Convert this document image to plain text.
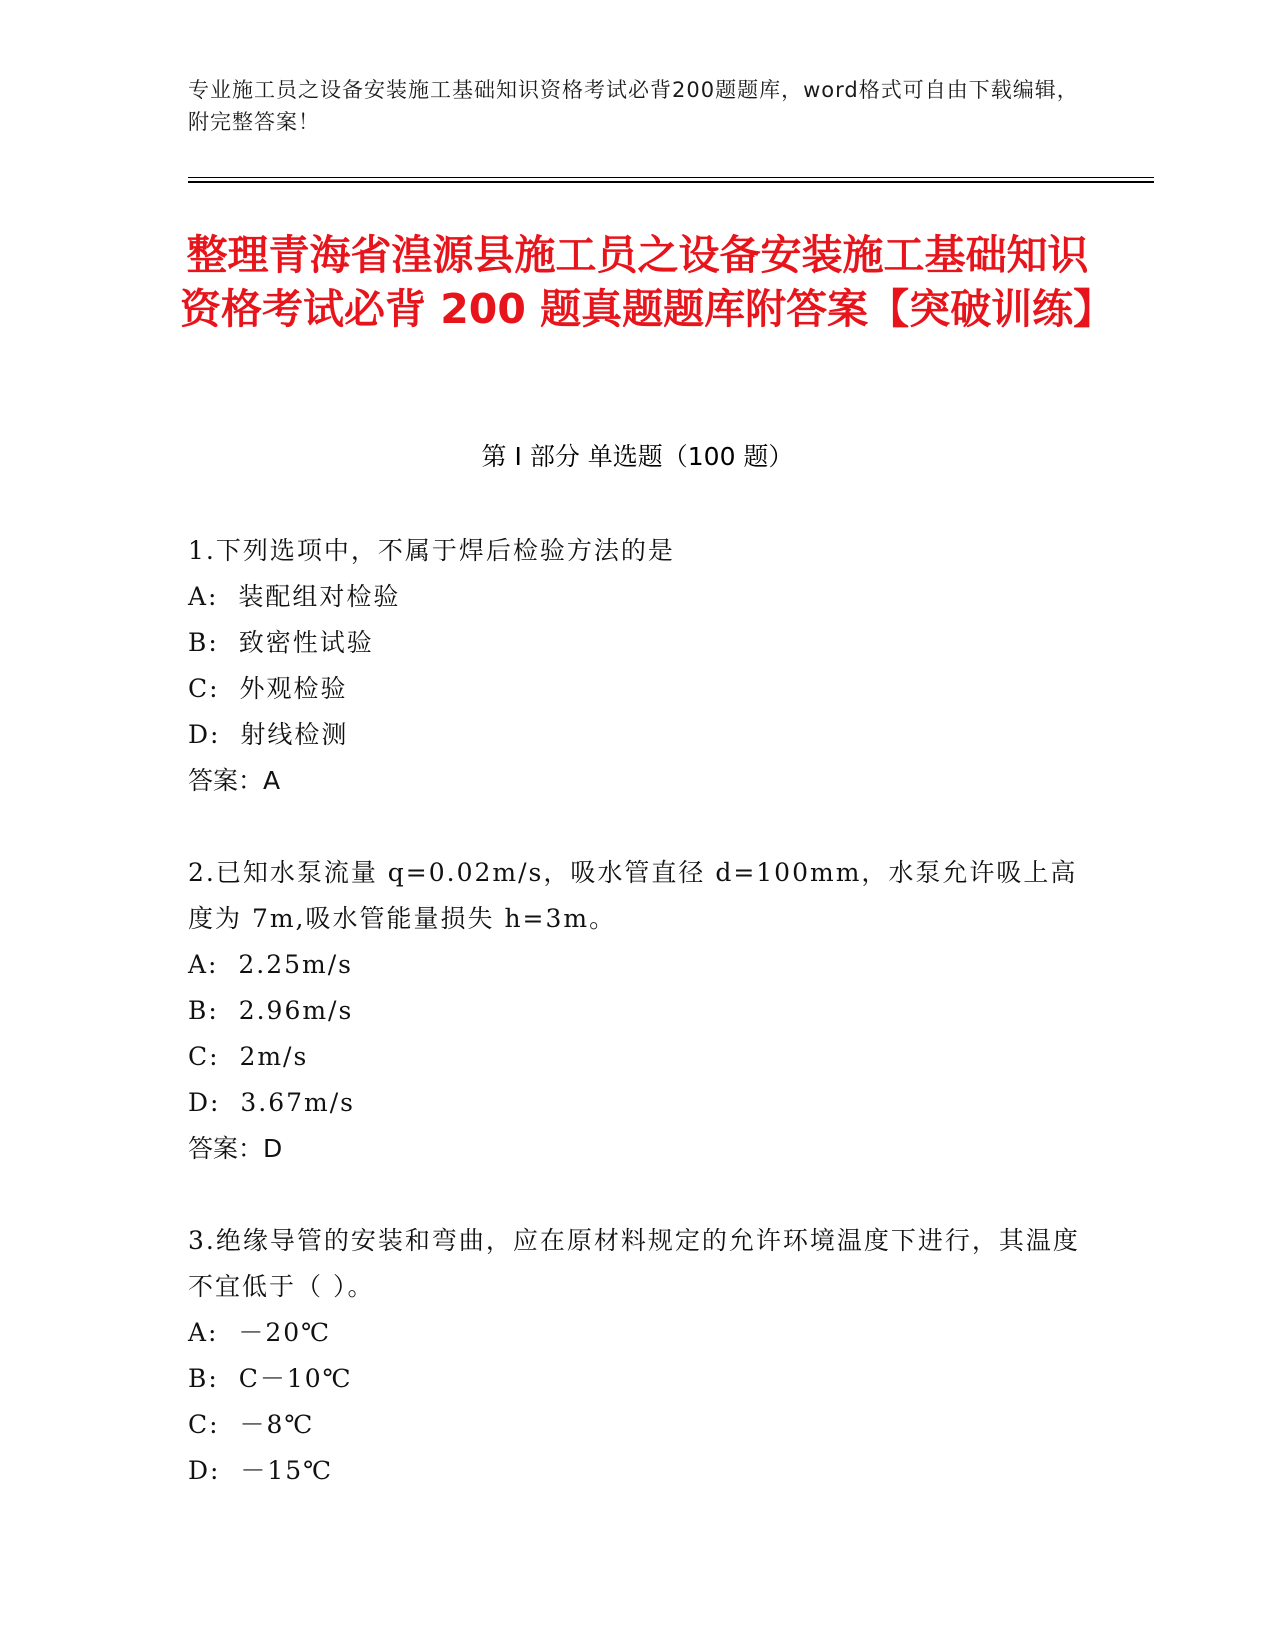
专业施工员之设备安装施工基础知识资格考试必背200题题库，word格式可自由下载编辑，附完整答案！
整理青海省湟源县施工员之设备安装施工基础知识资格考试必背 200 题真题题库附答案【突破训练】
第 I 部分 单选题（100 题）

1.下列选项中，不属于焊后检验方法的是

A:  装配组对检验

B:  致密性试验

C:  外观检验

D:  射线检测

答案：A

2.已知水泵流量 q=0.02m/s，吸水管直径 d=100mm，水泵允许吸上高度为 7m,吸水管能量损失 h=3m。

A:  2.25m/s

B:  2.96m/s

C:  2m/s

D:  3.67m/s

答案：D

3.绝缘导管的安装和弯曲，应在原材料规定的允许环境温度下进行，其温度不宜低于（ ）。

A:  －20℃

B:  C－10℃

C:  －8℃

D:  －15℃
